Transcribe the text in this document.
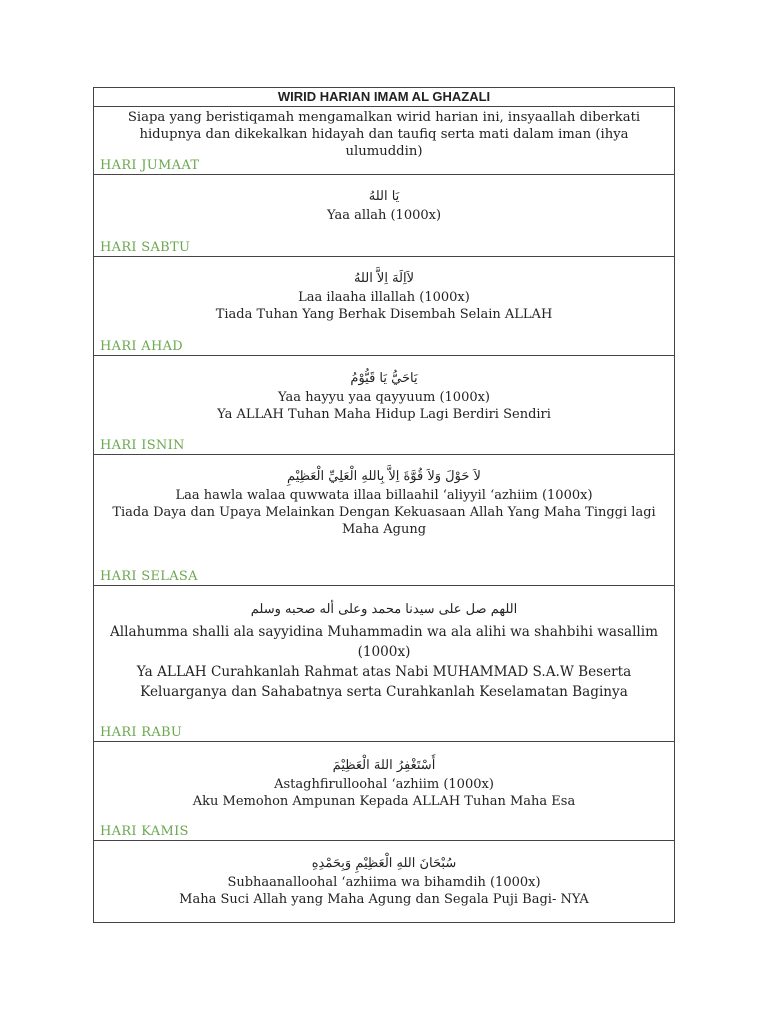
WIRID HARIAN IMAM AL GHAZALI
Siapa yang beristiqamah mengamalkan wirid harian ini, insyaallah diberkati hidupnya dan dikekalkan hidayah dan taufiq serta mati dalam iman (ihya ulumuddin)
HARI JUMAAT
يَا اللهُ
Yaa allah (1000x)
HARI SABTU
لاَاِلَهَ اِلاَّ اللهُ
Laa ilaaha illallah (1000x)
Tiada Tuhan Yang Berhak Disembah Selain ALLAH
HARI AHAD
يَاحَيُّ يَا قَيُّوْمُ
Yaa hayyu yaa qayyuum (1000x)
Ya ALLAH Tuhan Maha Hidup Lagi Berdiri Sendiri
HARI ISNIN
لاَ حَوْلَ وَلاَ قُوَّةَ اِلاَّ بِاللهِ الْعَلِيِّ الْعَظِيْمِ
Laa hawla walaa quwwata illaa billaahil ‘aliyyil ‘azhiim (1000x)
Tiada Daya dan Upaya Melainkan Dengan Kekuasaan Allah Yang Maha Tinggi lagi Maha Agung
HARI SELASA
اللهم صل على سيدنا محمد وعلى أله صحبه وسلم
Allahumma shalli ala sayyidina Muhammadin wa ala alihi wa shahbihi wasallim (1000x)
Ya ALLAH Curahkanlah Rahmat atas Nabi MUHAMMAD S.A.W Beserta Keluarganya dan Sahabatnya serta Curahkanlah Keselamatan Baginya
HARI RABU
أَسْتَغْفِرُ اللهَ الْعَظِيْمَ
Astaghfirulloohal ‘azhiim (1000x)
Aku Memohon Ampunan Kepada ALLAH Tuhan Maha Esa
HARI KAMIS
سُبْحَانَ اللهِ الْعَظِيْمِ وَبِحَمْدِهِ
Subhaanalloohal ‘azhiima wa bihamdih (1000x)
Maha Suci Allah yang Maha Agung dan Segala Puji Bagi- NYA
